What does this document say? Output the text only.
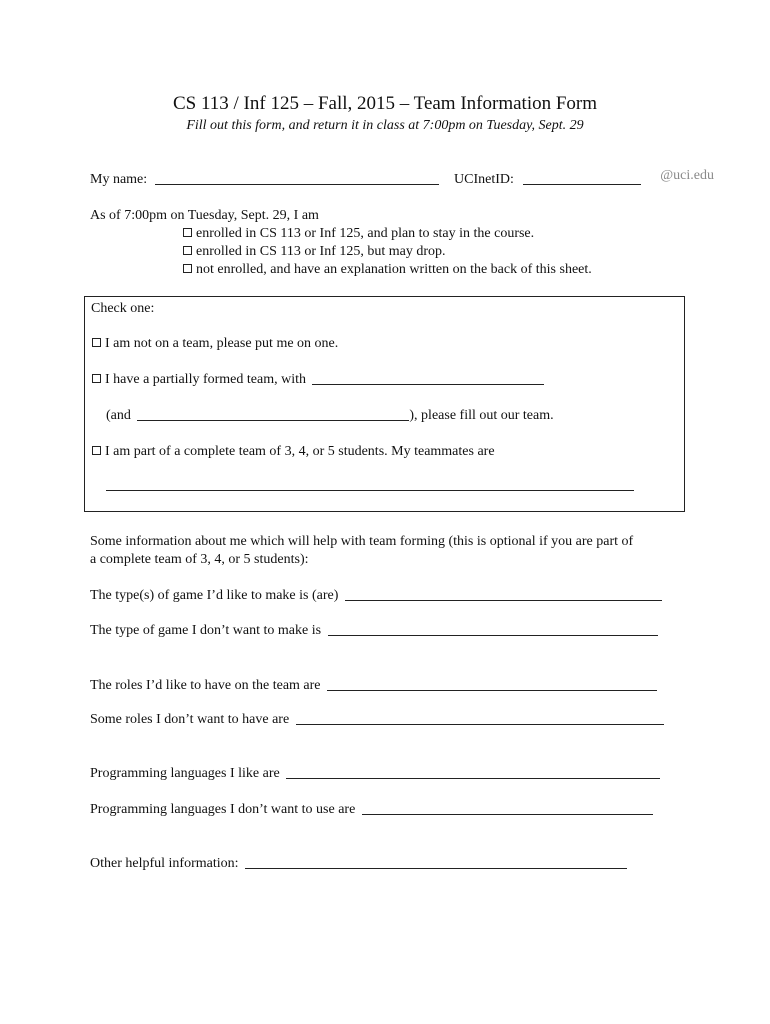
CS 113 / Inf 125 – Fall, 2015 – Team Information Form
Fill out this form, and return it in class at 7:00pm on Tuesday, Sept. 29
My name:	UCInetID:	@uci.edu
As of 7:00pm on Tuesday, Sept. 29, I am
enrolled in CS 113 or Inf 125, and plan to stay in the course.
enrolled in CS 113 or Inf 125, but may drop.
not enrolled, and have an explanation written on the back of this sheet.
Check one:
I am not on a team, please put me on one.
I have a partially formed team, with
(and	), please fill out our team.
I am part of a complete team of 3, 4, or 5 students. My teammates are
Some information about me which will help with team forming (this is optional if you are part of
a complete team of 3, 4, or 5 students):
The type(s) of game I’d like to make is (are)
The type of game I don’t want to make is
The roles I’d like to have on the team are
Some roles I don’t want to have are
Programming languages I like are
Programming languages I don’t want to use are
Other helpful information:
